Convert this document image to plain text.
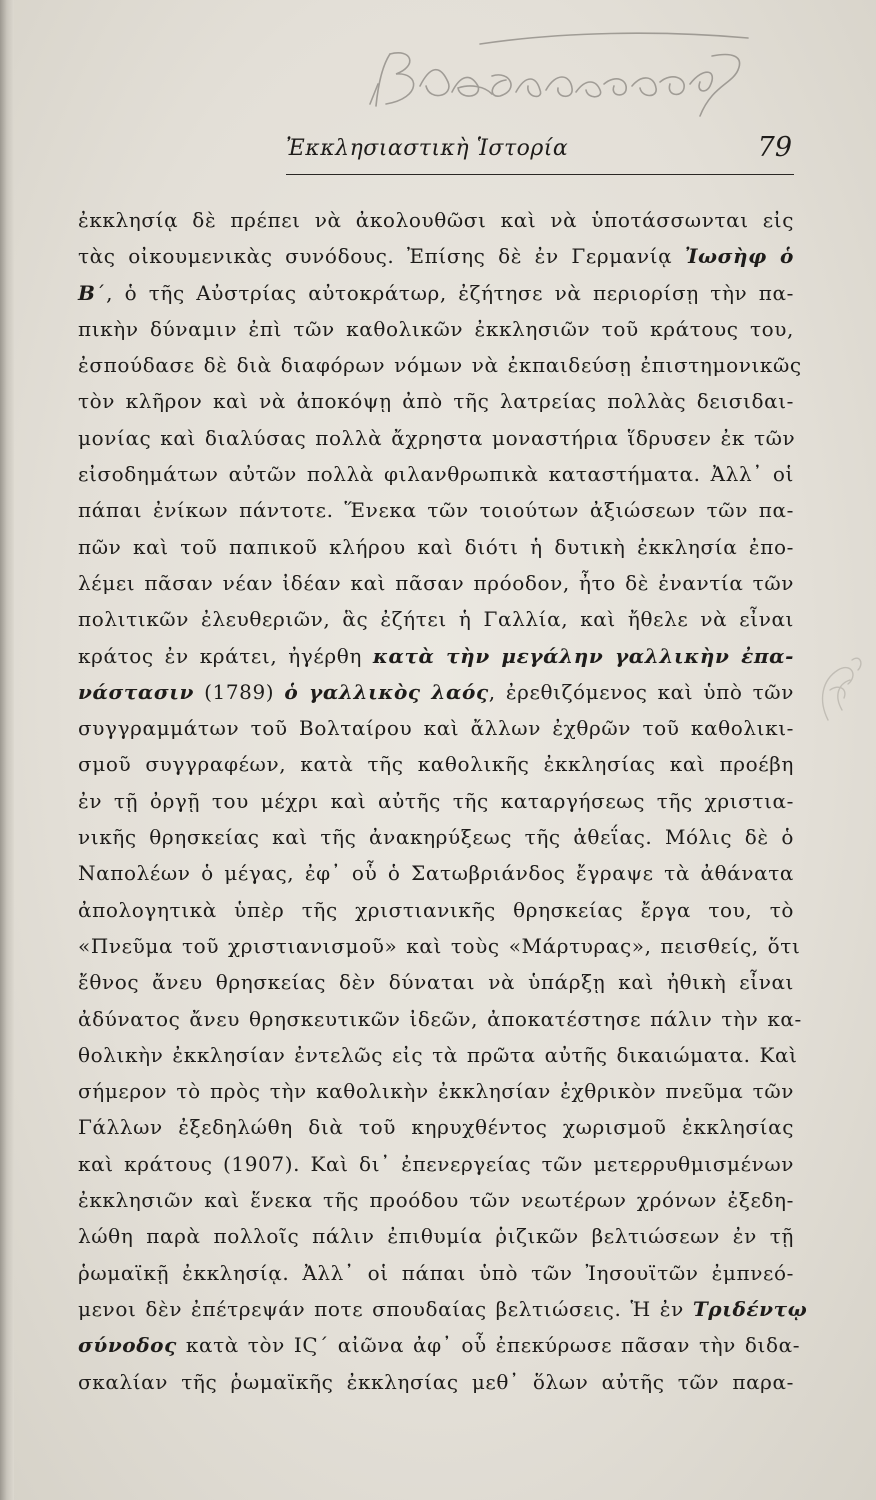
Ἐκκλησιαστικὴ Ἱστορία	79
ἐκκλησίᾳ δὲ πρέπει νὰ ἀκολουθῶσι καὶ νὰ ὑποτάσσωνται εἰς
τὰς οἰκουμενικὰς συνόδους. Ἐπίσης δὲ ἐν Γερμανίᾳ Ἰωσὴφ ὁ
Β΄, ὁ τῆς Αὐστρίας αὐτοκράτωρ, ἐζήτησε νὰ περιορίσῃ τὴν πα-
πικὴν δύναμιν ἐπὶ τῶν καθολικῶν ἐκκλησιῶν τοῦ κράτους του,
ἐσπούδασε δὲ διὰ διαφόρων νόμων νὰ ἐκπαιδεύσῃ ἐπιστημονικῶς
τὸν κλῆρον καὶ νὰ ἀποκόψῃ ἀπὸ τῆς λατρείας πολλὰς δεισιδαι-
μονίας καὶ διαλύσας πολλὰ ἄχρηστα μοναστήρια ἵδρυσεν ἐκ τῶν
εἰσοδημάτων αὐτῶν πολλὰ φιλανθρωπικὰ καταστήματα. Ἀλλ᾽ οἱ
πάπαι ἐνίκων πάντοτε. Ἕνεκα τῶν τοιούτων ἀξιώσεων τῶν πα-
πῶν καὶ τοῦ παπικοῦ κλήρου καὶ διότι ἡ δυτικὴ ἐκκλησία ἐπο-
λέμει πᾶσαν νέαν ἰδέαν καὶ πᾶσαν πρόοδον, ἦτο δὲ ἐναντία τῶν
πολιτικῶν ἐλευθεριῶν, ἃς ἐζήτει ἡ Γαλλία, καὶ ἤθελε νὰ εἶναι
κράτος ἐν κράτει, ἠγέρθη κατὰ τὴν μεγάλην γαλλικὴν ἐπα-
νάστασιν (1789) ὁ γαλλικὸς λαός, ἐρεθιζόμενος καὶ ὑπὸ τῶν
συγγραμμάτων τοῦ Βολταίρου καὶ ἄλλων ἐχθρῶν τοῦ καθολικι-
σμοῦ συγγραφέων, κατὰ τῆς καθολικῆς ἐκκλησίας καὶ προέβη
ἐν τῇ ὀργῇ του μέχρι καὶ αὐτῆς τῆς καταργήσεως τῆς χριστια-
νικῆς θρησκείας καὶ τῆς ἀνακηρύξεως τῆς ἀθεΐας. Μόλις δὲ ὁ
Ναπολέων ὁ μέγας, ἐφ᾽ οὗ ὁ Σατωβριάνδος ἔγραψε τὰ ἀθάνατα
ἀπολογητικὰ ὑπὲρ τῆς χριστιανικῆς θρησκείας ἔργα του, τὸ
«Πνεῦμα τοῦ χριστιανισμοῦ» καὶ τοὺς «Μάρτυρας», πεισθείς, ὅτι
ἔθνος ἄνευ θρησκείας δὲν δύναται νὰ ὑπάρξῃ καὶ ἠθικὴ εἶναι
ἀδύνατος ἄνευ θρησκευτικῶν ἰδεῶν, ἀποκατέστησε πάλιν τὴν κα-
θολικὴν ἐκκλησίαν ἐντελῶς εἰς τὰ πρῶτα αὐτῆς δικαιώματα. Καὶ
σήμερον τὸ πρὸς τὴν καθολικὴν ἐκκλησίαν ἐχθρικὸν πνεῦμα τῶν
Γάλλων ἐξεδηλώθη διὰ τοῦ κηρυχθέντος χωρισμοῦ ἐκκλησίας
καὶ κράτους (1907). Καὶ δι᾽ ἐπενεργείας τῶν μετερρυθμισμένων
ἐκκλησιῶν καὶ ἕνεκα τῆς προόδου τῶν νεωτέρων χρόνων ἐξεδη-
λώθη παρὰ πολλοῖς πάλιν ἐπιθυμία ῥιζικῶν βελτιώσεων ἐν τῇ
ῥωμαϊκῇ ἐκκλησίᾳ. Ἀλλ᾽ οἱ πάπαι ὑπὸ τῶν Ἰησουϊτῶν ἐμπνεό-
μενοι δὲν ἐπέτρεψάν ποτε σπουδαίας βελτιώσεις. Ἡ ἐν Τριδέντῳ
σύνοδος κατὰ τὸν ΙϚ΄ αἰῶνα ἀφ᾽ οὗ ἐπεκύρωσε πᾶσαν τὴν διδα-
σκαλίαν τῆς ῥωμαϊκῆς ἐκκλησίας μεθ᾽ ὅλων αὐτῆς τῶν παρα-
